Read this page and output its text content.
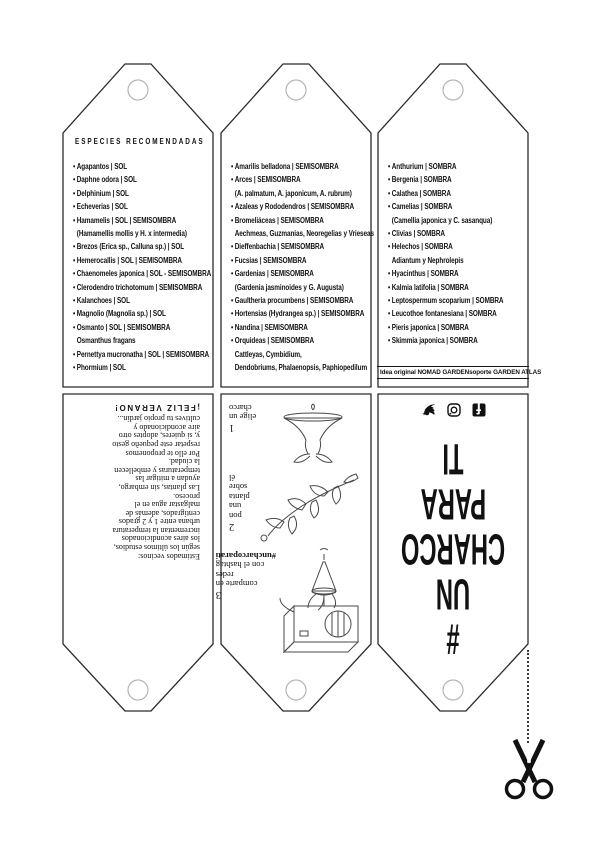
ESPECIES RECOMENDADAS
• Agapantos | SOL
• Daphne odora | SOL
• Delphinium | SOL
• Echeverias | SOL
• Hamamelis | SOL | SEMISOMBRA
(Hamamellis mollis y H. x intermedia)
• Brezos (Erica sp., Calluna sp.) | SOL
• Hemerocallis | SOL | SEMISOMBRA
• Chaenomeles japonica | SOL - SEMISOMBRA
• Clerodendro trichotomum | SEMISOMBRA
• Kalanchoes | SOL
• Magnolio (Magnolia sp.) | SOL
• Osmanto | SOL | SEMISOMBRA
Osmanthus fragans
• Pernettya mucronatha | SOL | SEMISOMBRA
• Phormium | SOL
• Amarilis belladona | SEMISOMBRA
• Arces | SEMISOMBRA
(A. palmatum, A. japonicum, A. rubrum)
• Azaleas y Rododendros | SEMISOMBRA
• Bromeliáceas | SEMISOMBRA
Aechmeas, Guzmanias, Neoregelias y Vrieseas
• Dieffenbachia | SEMISOMBRA
• Fucsias | SEMISOMBRA
• Gardenias | SEMISOMBRA
(Gardenia jasminoides y G. Augusta)
• Gaultheria procumbens | SEMISOMBRA
• Hortensias (Hydrangea sp.) | SEMISOMBRA
• Nandina | SEMISOMBRA
• Orquideas | SEMISOMBRA
Cattleyas, Cymbidium,
Dendobriums, Phalaenopsis, Paphiopedilum
• Anthurium | SOMBRA
• Bergenia | SOMBRA
• Calathea | SOMBRA
• Camelias | SOMBRA
(Camellia japonica y C. sasanqua)
• Clivias | SOMBRA
• Helechos | SOMBRA
Adiantum y Nephrolepis
• Hyacinthus | SOMBRA
• Kalmia latifolia | SOMBRA
• Leptospermum scoparium | SOMBRA
• Leucothoe fontanesiana | SOMBRA
• Pieris japonica | SOMBRA
• Skimmia japonica | SOMBRA
Idea original NOMAD GARDEN soporte GARDEN ATLAS
Estimados vecinos:
según los últimos estudios,
los aires acondicionados
incrementan la temperatura
urbana entre 1 y 2 grados
centígrados, además de
malgastar agua en el
proceso.
Las plantas, sin embargo,
ayudan a mitigar las
temperaturas y embellecen
la ciudad.
Por ello te proponemos
respetar este pequeño gesto
y, si quieres, adoptes otro
aire acondicionado y
cultives tu propio jardín...
¡FELIZ VERANO!
3
comparte en redes
con el hashtag
#uncharcoparati
2
pon una planta
sobre él
1
elige un charco
#
UN
CHARCO
PARA
TI
